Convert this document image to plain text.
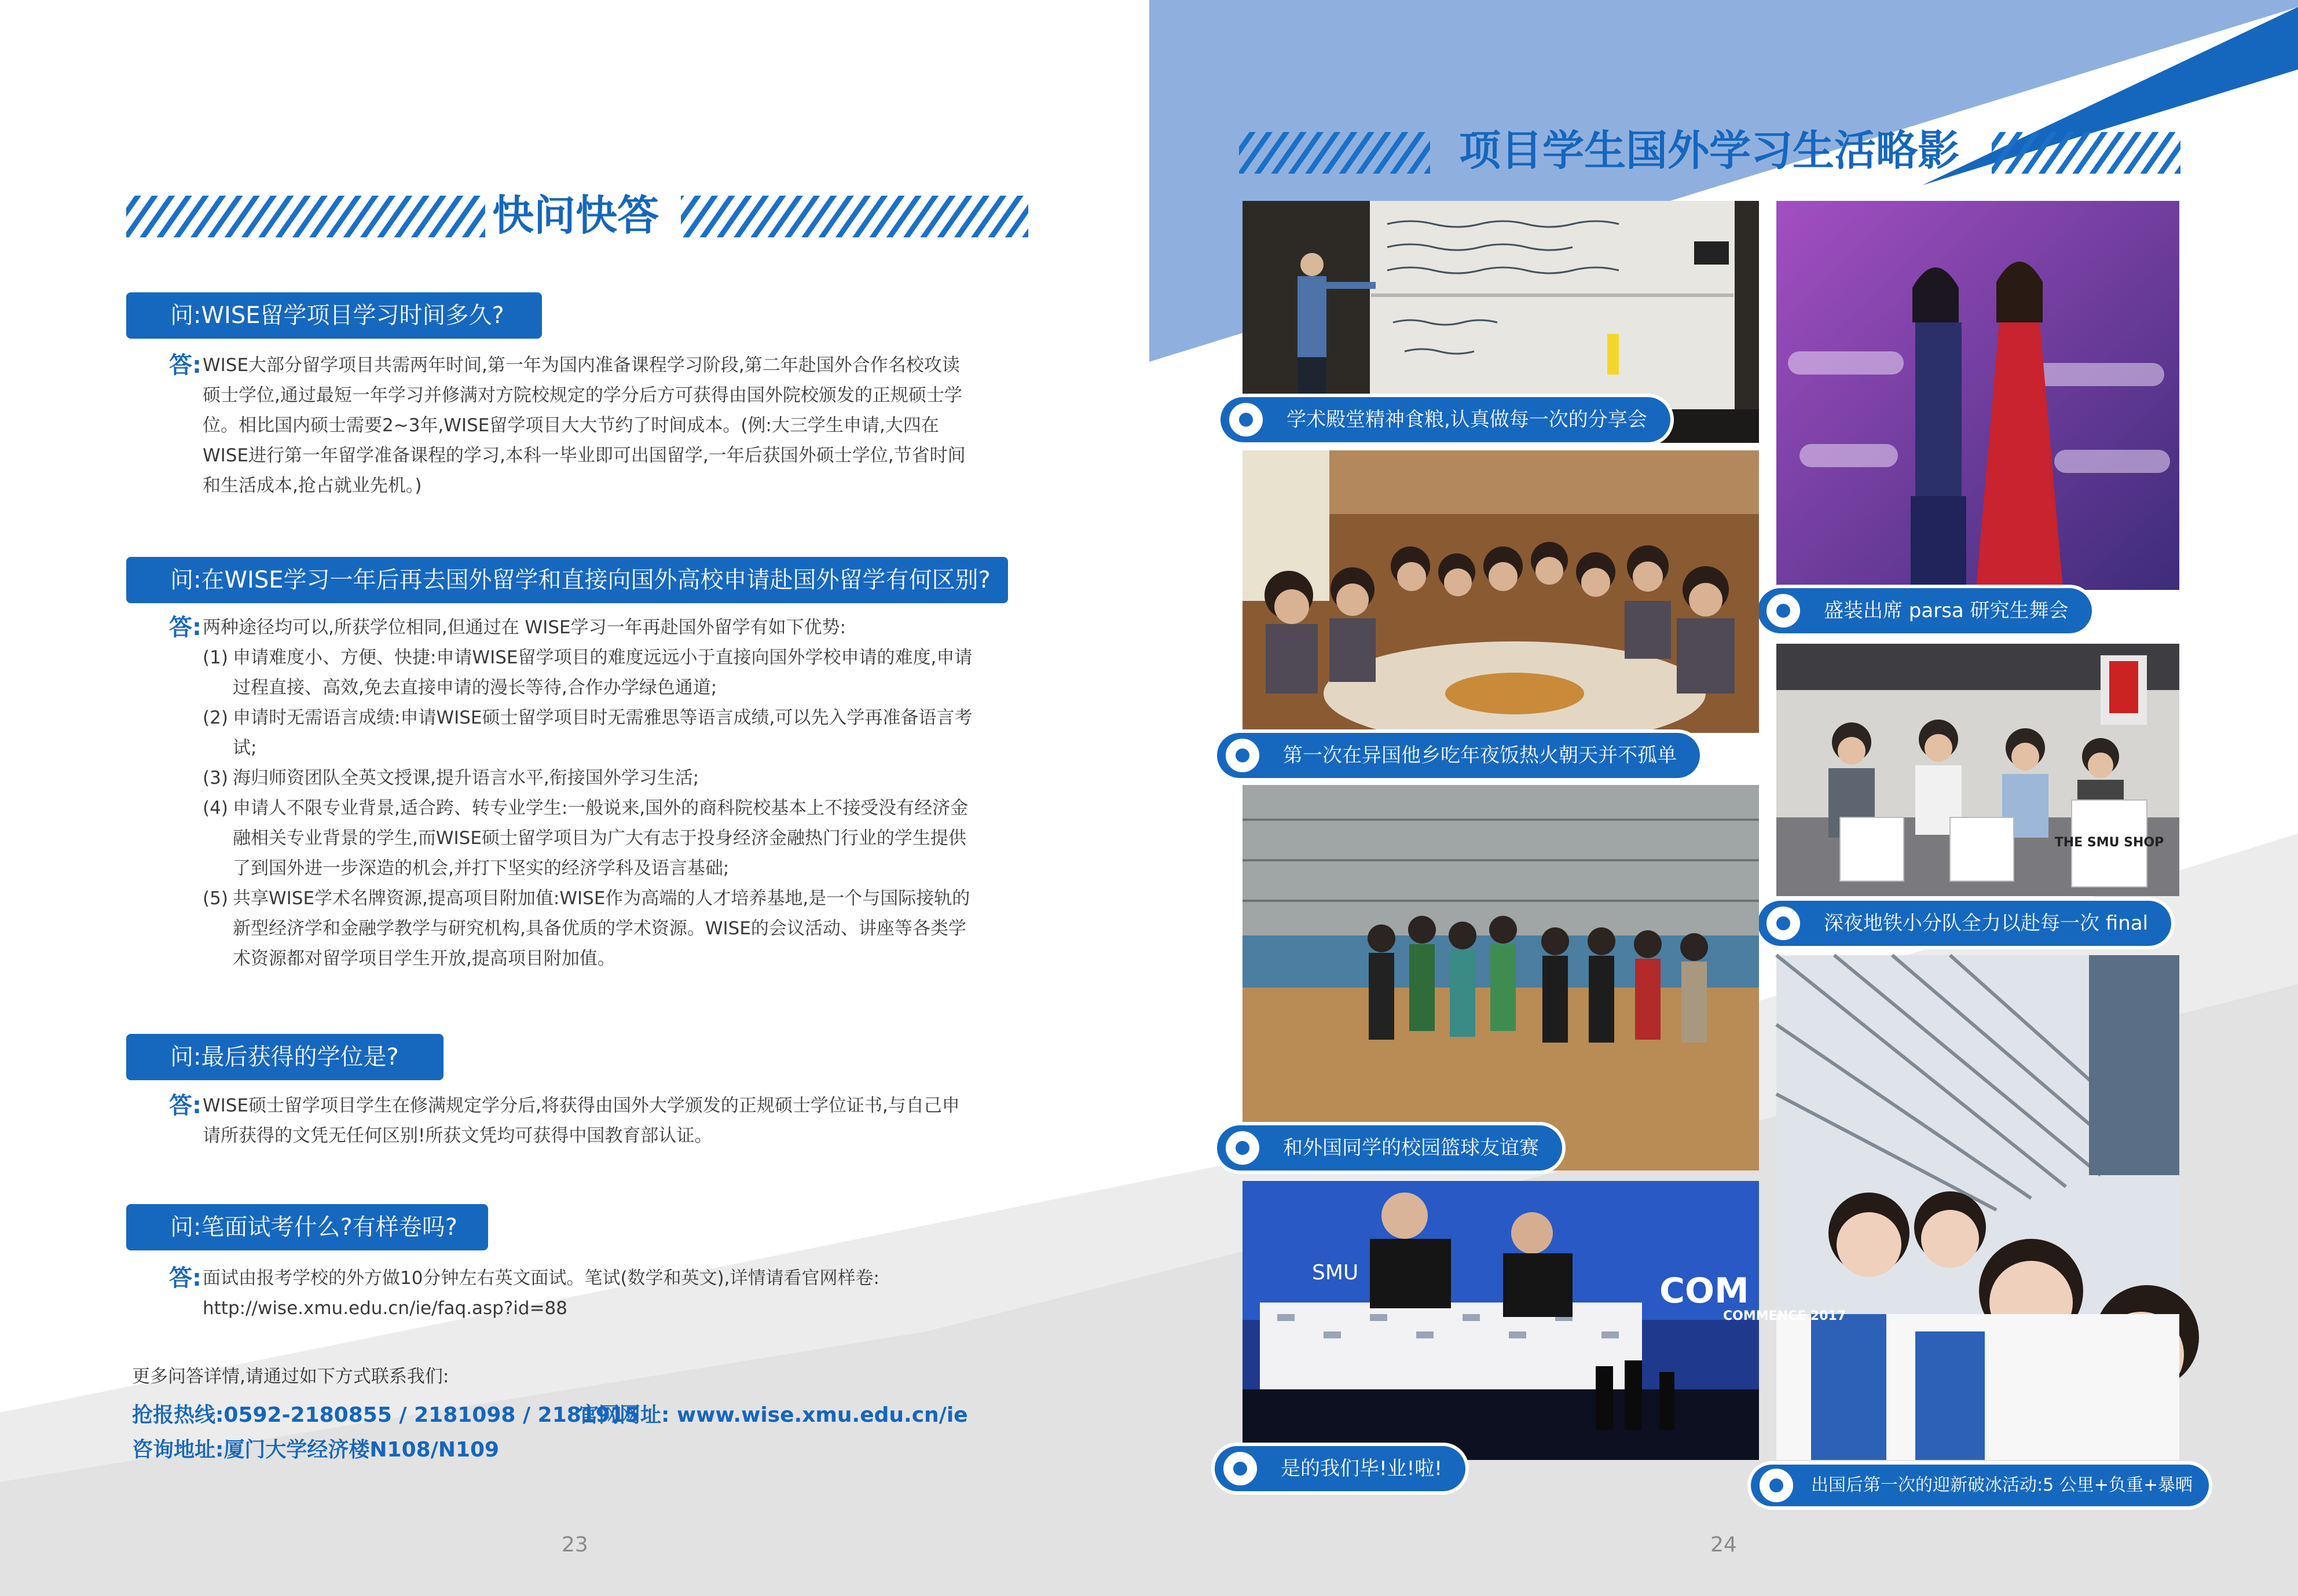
快问快答
问:WISE留学项目学习时间多久?
答: WISE大部分留学项目共需两年时间,第一年为国内准备课程学习阶段,第二年赴国外合作名校攻读硕士学位,通过最短一年学习并修满对方院校规定的学分后方可获得由国外院校颁发的正规硕士学位。相比国内硕士需要2~3年,WISE留学项目大大节约了时间成本。(例:大三学生申请,大四在WISE进行第一年留学准备课程的学习,本科一毕业即可出国留学,一年后获国外硕士学位,节省时间和生活成本,抢占就业先机。)

问:在WISE学习一年后再去国外留学和直接向国外高校申请赴国外留学有何区别?
答: 两种途径均可以,所获学位相同,但通过在 WISE学习一年再赴国外留学有如下优势:

(1) 申请难度小、方便、快捷:申请WISE留学项目的难度远远小于直接向国外学校申请的难度,申请过程直接、高效,免去直接申请的漫长等待,合作办学绿色通道;
(2) 申请时无需语言成绩:申请WISE硕士留学项目时无需雅思等语言成绩,可以先入学再准备语言考试;
(3) 海归师资团队全英文授课,提升语言水平,衔接国外学习生活;
(4) 申请人不限专业背景,适合跨、转专业学生:一般说来,国外的商科院校基本上不接受没有经济金融相关专业背景的学生,而WISE硕士留学项目为广大有志于投身经济金融热门行业的学生提供了到国外进一步深造的机会,并打下坚实的经济学科及语言基础;
(5) 共享WISE学术名牌资源,提高项目附加值:WISE作为高端的人才培养基地,是一个与国际接轨的新型经济学和金融学教学与研究机构,具备优质的学术资源。WISE的会议活动、讲座等各类学术资源都对留学项目学生开放,提高项目附加值。
问:最后获得的学位是?
答: WISE硕士留学项目学生在修满规定学分后,将获得由国外大学颁发的正规硕士学位证书,与自己申请所获得的文凭无任何区别!所获文凭均可获得中国教育部认证。

问:笔面试考什么?有样卷吗?
答: 面试由报考学校的外方做10分钟左右英文面试。笔试(数学和英文),详情请看官网样卷:

http://wise.xmu.edu.cn/ie/faq.asp?id=88

更多问答详情,请通过如下方式联系我们:
抢报热线:0592-2180855 / 2181098 / 2181915
官网网址: www.wise.xmu.edu.cn/ie
咨询地址:厦门大学经济楼N108/N109
23
项目学生国外学习生活略影
学术殿堂精神食粮,认真做每一次的分享会
盛装出席 parsa 研究生舞会
第一次在异国他乡吃年夜饭热火朝天并不孤单
THE SMU SHOP
深夜地铁小分队全力以赴每一次 final
和外国同学的校园篮球友谊赛
出国后第一次的迎新破冰活动:5 公里+负重+暴晒
SMU	COM
COMMENCE 2017
是的我们毕!业!啦!
24
